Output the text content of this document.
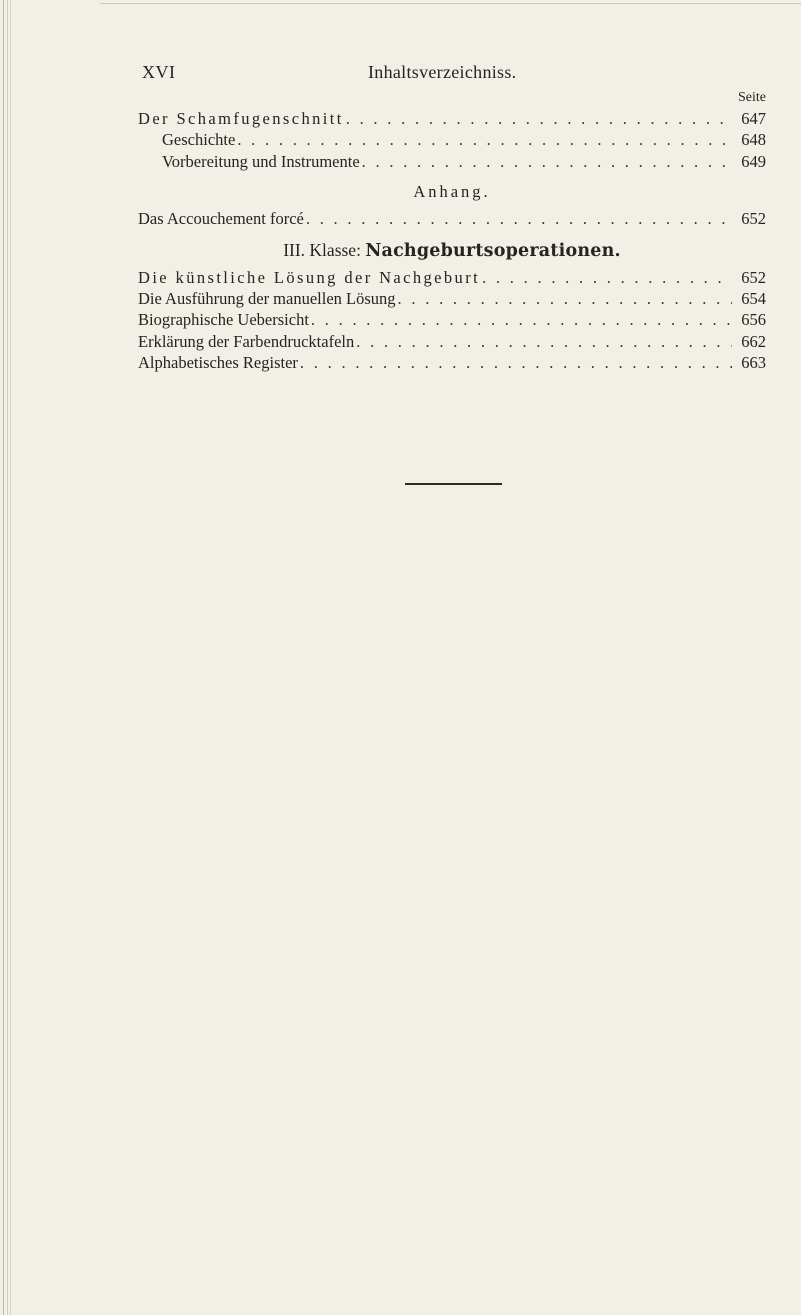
XVI	Inhaltsverzeichniss.
Seite
Der Schamfugenschnitt . . .	647
Geschichte . . .	648
Vorbereitung und Instrumente . . .	649
Anhang.
Das Accouchement forcé . . .	652
III. Klasse: Nachgeburtsoperationen.
Die künstliche Lösung der Nachgeburt . . .	652
Die Ausführung der manuellen Lösung . . .	654
Biographische Uebersicht . . .	656
Erklärung der Farbendrucktafeln . . .	662
Alphabetisches Register . . .	663
